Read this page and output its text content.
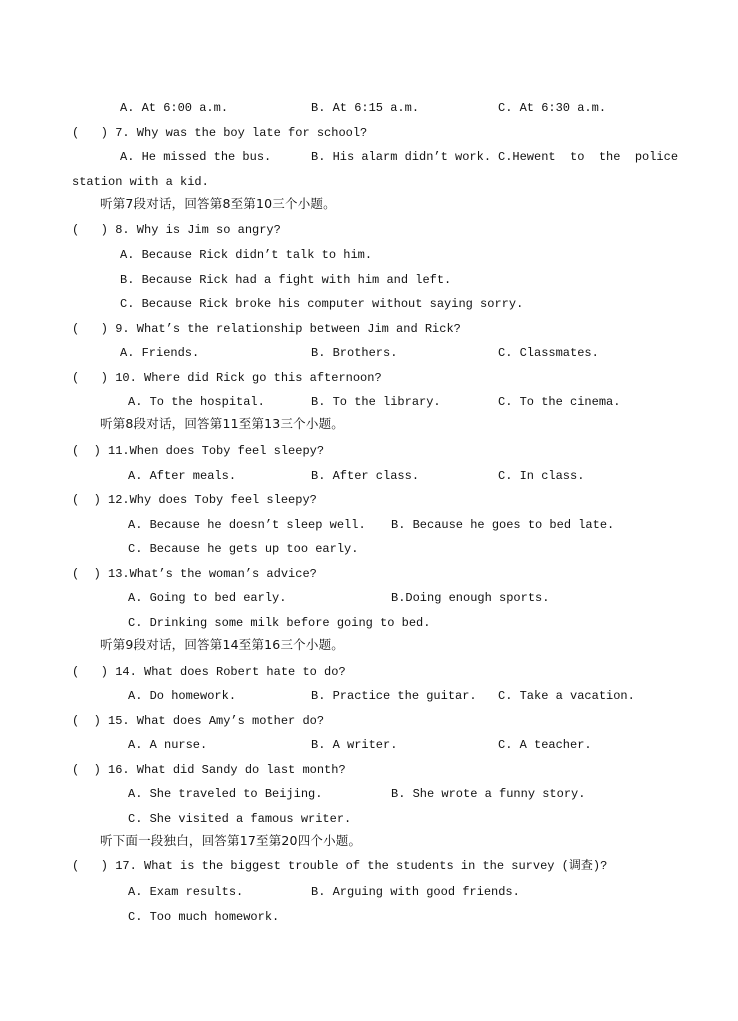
A. At 6:00 a.m.	B. At 6:15 a.m.	C. At 6:30 a.m.
(   ) 7. Why was the boy late for school?
A. He missed the bus.	B. His alarm didn’t work. C.Hewent  to  the  police
station with a kid.
听第7段对话，回答第8至第10三个小题。
(   ) 8. Why is Jim so angry?
A. Because Rick didn’t talk to him.
B. Because Rick had a fight with him and left.
C. Because Rick broke his computer without saying sorry.
(   ) 9. What’s the relationship between Jim and Rick?
A. Friends.	B. Brothers.	C. Classmates.
(   ) 10. Where did Rick go this afternoon?
A. To the hospital.	B. To the library.	C. To the cinema.
听第8段对话，回答第11至第13三个小题。
(  ) 11.When does Toby feel sleepy?
A. After meals.	B. After class.	C. In class.
(  ) 12.Why does Toby feel sleepy?
A. Because he doesn’t sleep well. B. Because he goes to bed late.
C. Because he gets up too early.
(  ) 13.What’s the woman’s advice?
A. Going to bed early.	B.Doing enough sports.
C. Drinking some milk before going to bed.
听第9段对话，回答第14至第16三个小题。
(   ) 14. What does Robert hate to do?
A. Do homework.	B. Practice the guitar. C. Take a vacation.
(  ) 15. What does Amy’s mother do?
A. A nurse.	B. A writer.	C. A teacher.
(  ) 16. What did Sandy do last month?
A. She traveled to Beijing.	B. She wrote a funny story.
C. She visited a famous writer.
听下面一段独白，回答第17至第20四个小题。
(   ) 17. What is the biggest trouble of the students in the survey (调查)?
A. Exam results.	B. Arguing with good friends.
C. Too much homework.
